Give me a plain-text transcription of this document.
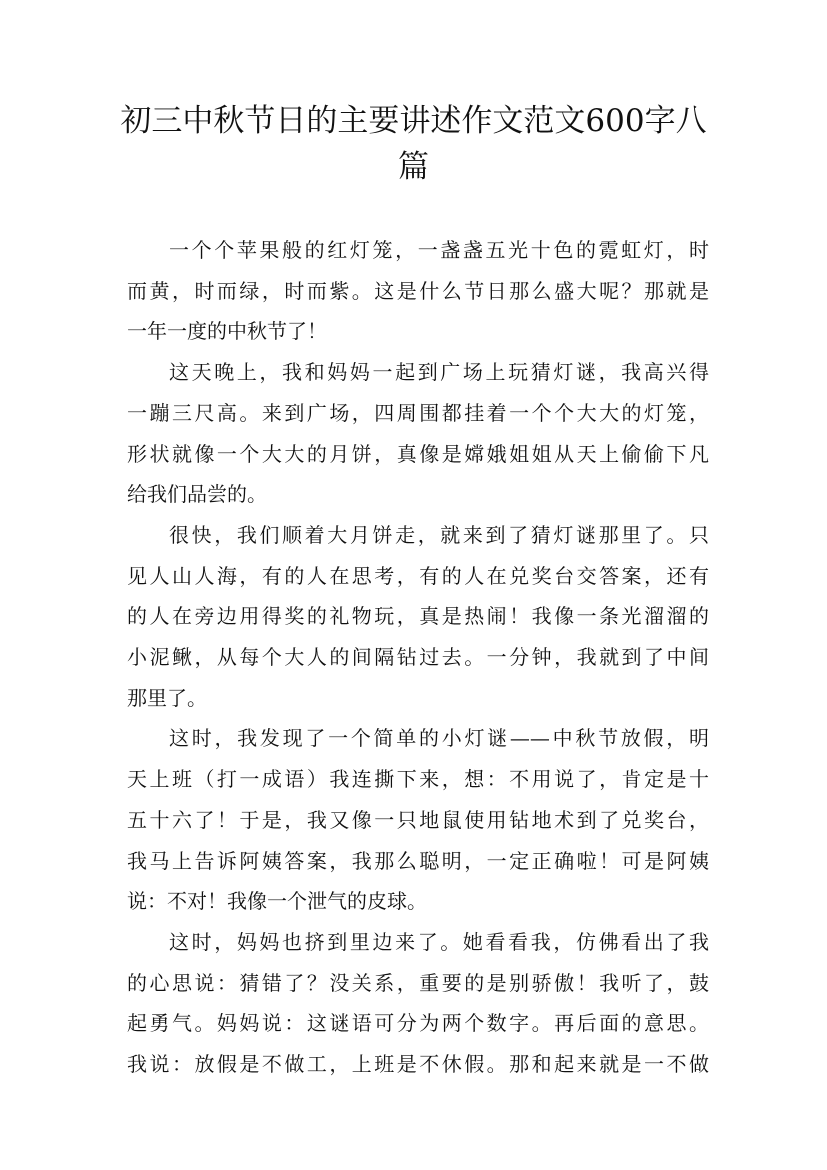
初三中秋节日的主要讲述作文范文600字八
篇
一个个苹果般的红灯笼，一盏盏五光十色的霓虹灯，时
而黄，时而绿，时而紫。这是什么节日那么盛大呢？那就是
一年一度的中秋节了！
这天晚上，我和妈妈一起到广场上玩猜灯谜，我高兴得
一蹦三尺高。来到广场，四周围都挂着一个个大大的灯笼，
形状就像一个大大的月饼，真像是嫦娥姐姐从天上偷偷下凡
给我们品尝的。
很快，我们顺着大月饼走，就来到了猜灯谜那里了。只
见人山人海，有的人在思考，有的人在兑奖台交答案，还有
的人在旁边用得奖的礼物玩，真是热闹！我像一条光溜溜的
小泥鳅，从每个大人的间隔钻过去。一分钟，我就到了中间
那里了。
这时，我发现了一个简单的小灯谜——中秋节放假，明
天上班（打一成语）我连撕下来，想：不用说了，肯定是十
五十六了！于是，我又像一只地鼠使用钻地术到了兑奖台，
我马上告诉阿姨答案，我那么聪明，一定正确啦！可是阿姨
说：不对！我像一个泄气的皮球。
这时，妈妈也挤到里边来了。她看看我，仿佛看出了我
的心思说：猜错了？没关系，重要的是别骄傲！我听了，鼓
起勇气。妈妈说：这谜语可分为两个数字。再后面的意思。
我说：放假是不做工，上班是不休假。那和起来就是一不做
